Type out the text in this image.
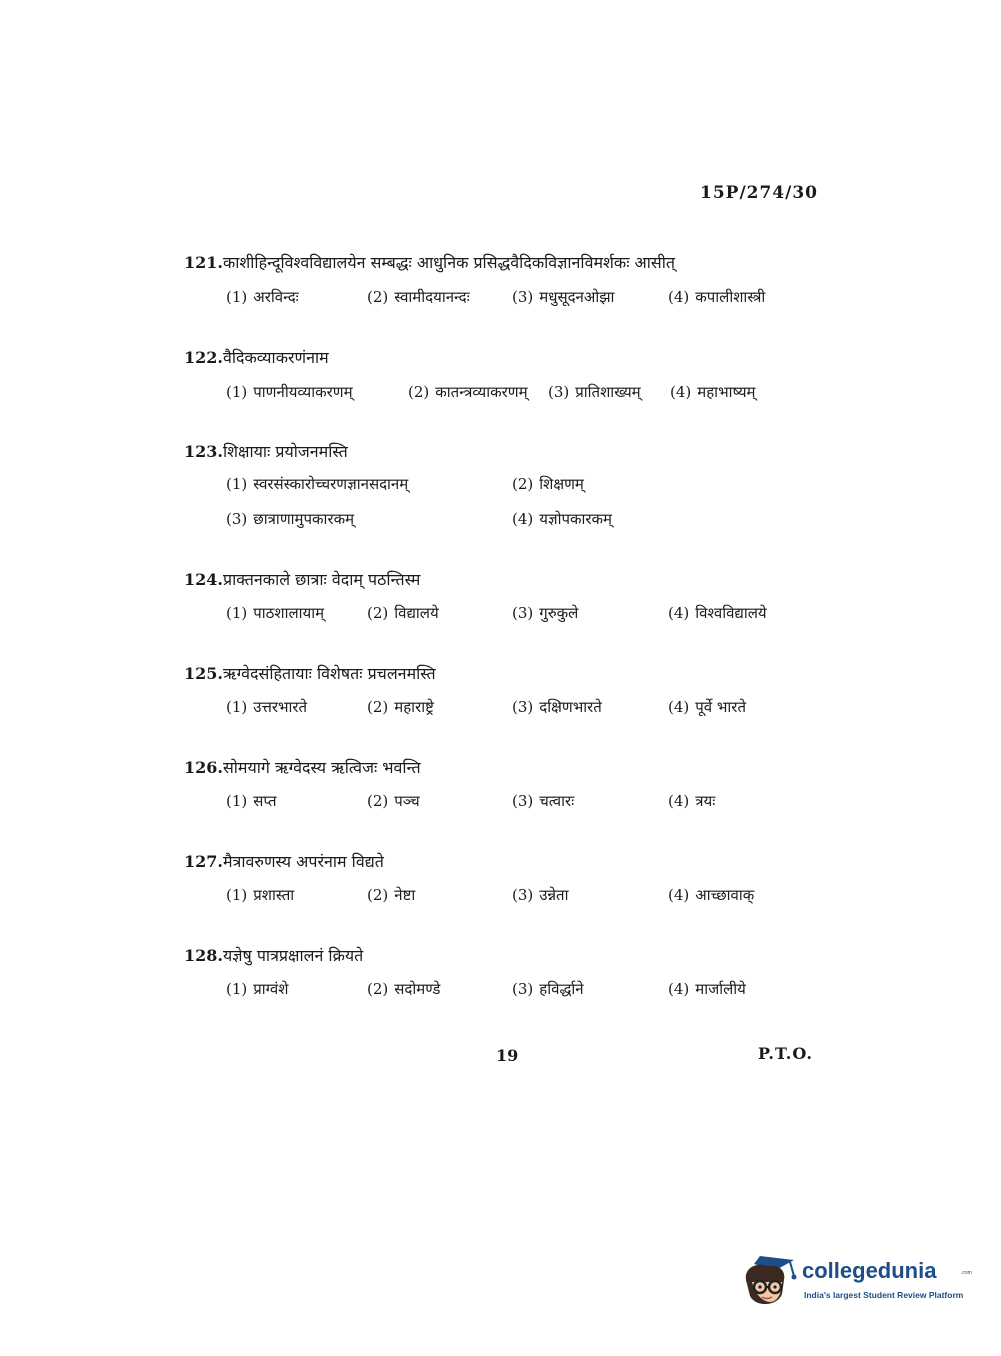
15P/274/30
121.काशीहिन्दूविश्वविद्यालयेन सम्बद्धः आधुनिक प्रसिद्धवैदिकविज्ञानविमर्शकः आसीत्
(1) अरविन्दः	(2) स्वामीदयानन्दः	(3) मधुसूदनओझा	(4) कपालीशास्त्री
122.वैदिकव्याकरणंनाम
(1) पाणनीयव्याकरणम्	(2) कातन्त्रव्याकरणम् (3) प्रातिशाख्यम् (4) महाभाष्यम्
123.शिक्षायाः प्रयोजनमस्ति
(1) स्वरसंस्कारोच्चरणज्ञानसदानम्	(2) शिक्षणम्
(3) छात्राणामुपकारकम्	(4) यज्ञोपकारकम्
124.प्राक्तनकाले छात्राः वेदाम् पठन्तिस्म
(1) पाठशालायाम्	(2) विद्यालये	(3) गुरुकुले	(4) विश्वविद्यालये
125.ऋग्वेदसंहितायाः विशेषतः प्रचलनमस्ति
(1) उत्तरभारते	(2) महाराष्ट्रे	(3) दक्षिणभारते	(4) पूर्वे भारते
126.सोमयागे ऋग्वेदस्य ऋत्विजः भवन्ति
(1) सप्त	(2) पञ्च	(3) चत्वारः	(4) त्रयः
127.मैत्रावरुणस्य अपरंनाम विद्यते
(1) प्रशास्ता	(2) नेष्टा	(3) उन्नेता	(4) आच्छावाक्
128.यज्ञेषु पात्रप्रक्षालनं क्रियते
(1) प्राग्वंशे	(2) सदोमण्डे	(3) हविर्द्धाने	(4) मार्जालीये
19	P.T.O.
collegedunia	.com
India's largest Student Review Platform
